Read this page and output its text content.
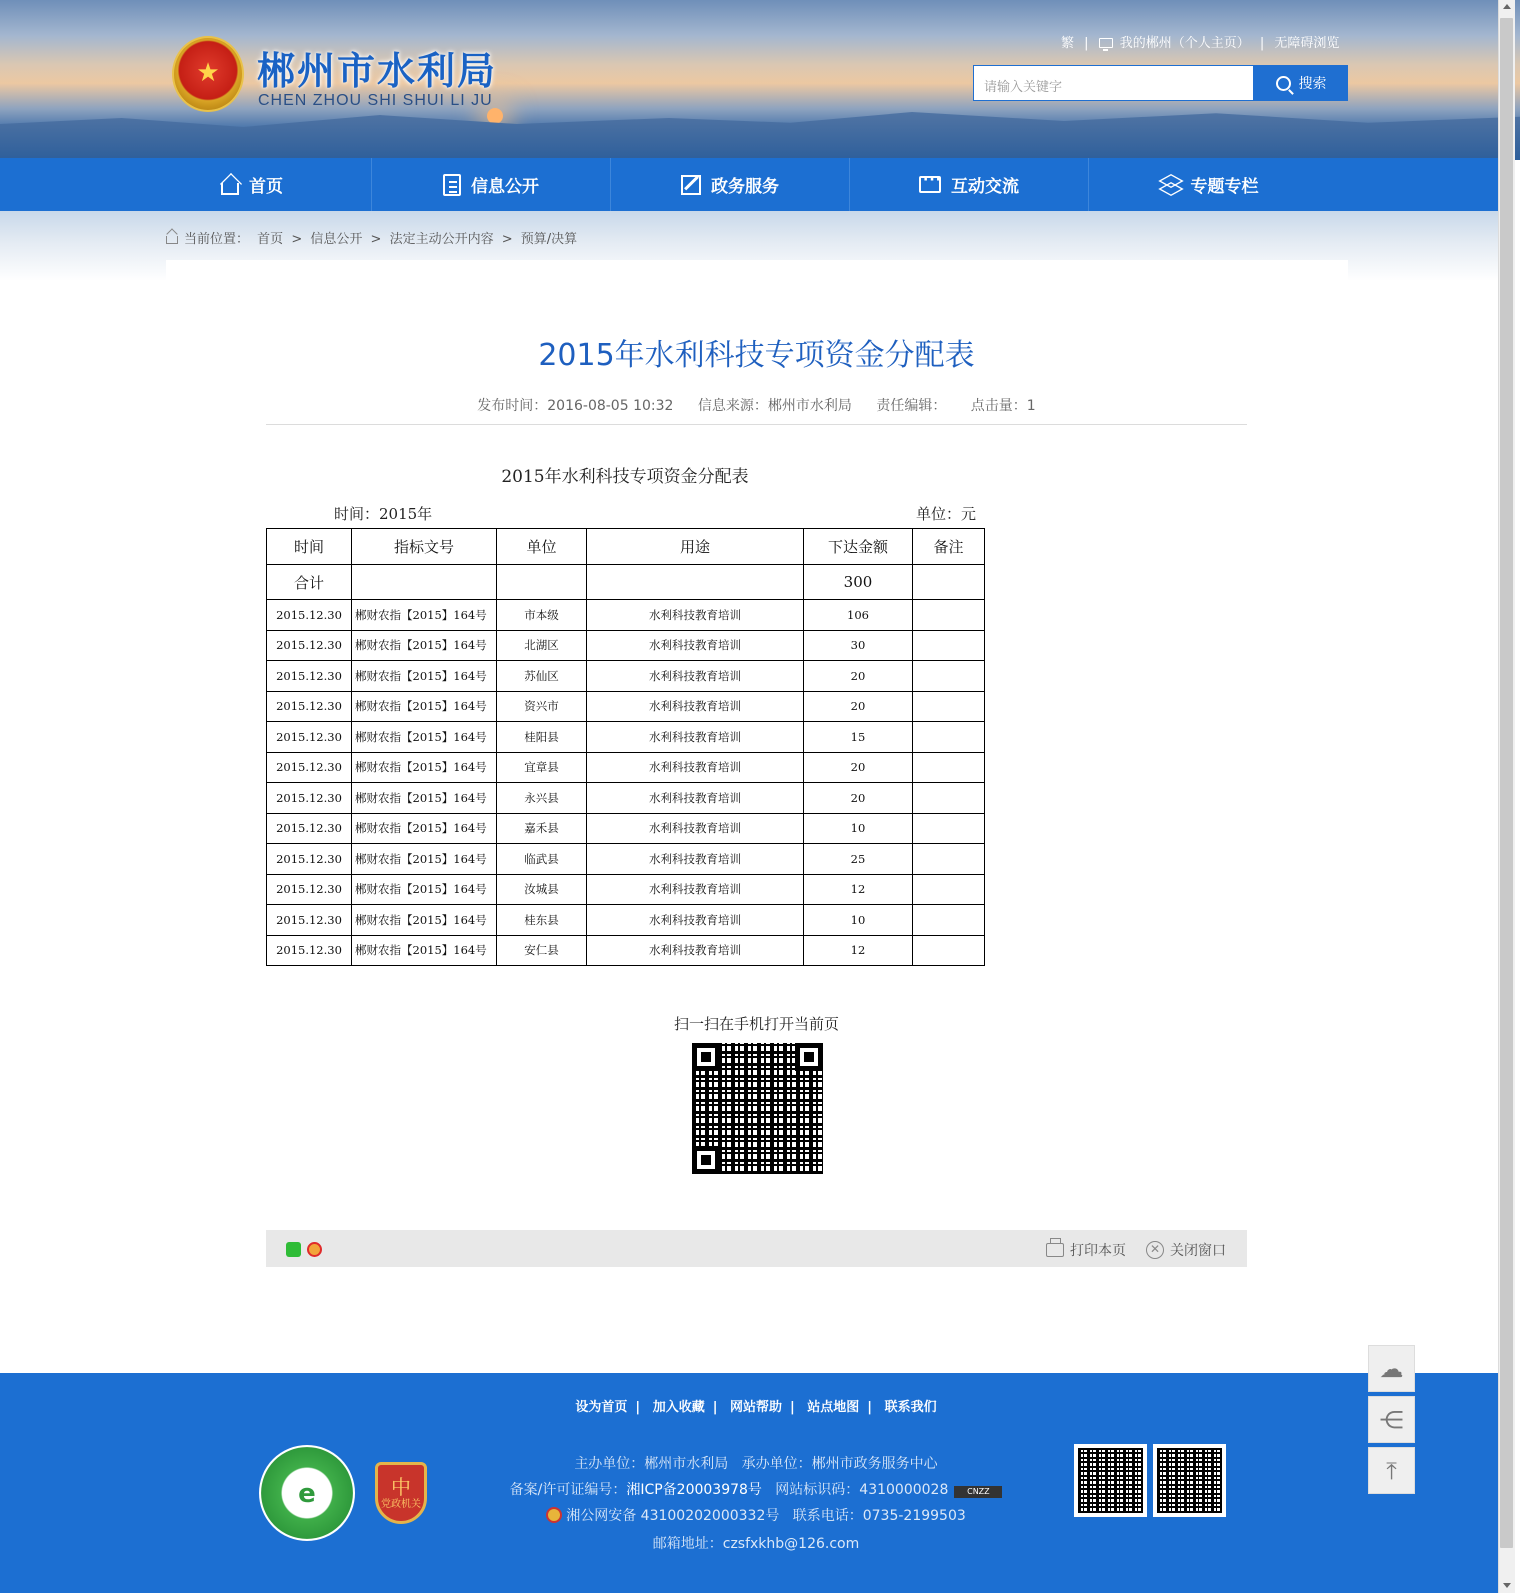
★ 郴州市水利局
CHEN ZHOU SHI SHUI LI JU
繁 | 我的郴州（个人主页） | 无障碍浏览
请输入关键字	搜索
首页	信息公开	政务服务 ···	互动交流	专题专栏
当前位置： 首页 > 信息公开 > 法定主动公开内容 > 预算/决算
2015年水利科技专项资金分配表
发布时间：2016-08-05 10:32 信息来源：郴州市水利局 责任编辑： 点击量：1
2015年水利科技专项资金分配表
时间：2015年	单位：元
时间	指标文号	单位	用途	下达金额	备注
合计				300	
2015.12.30	郴财农指【2015】164号	市本级	水利科技教育培训	106	
2015.12.30	郴财农指【2015】164号	北湖区	水利科技教育培训	30	
2015.12.30	郴财农指【2015】164号	苏仙区	水利科技教育培训	20	
2015.12.30	郴财农指【2015】164号	资兴市	水利科技教育培训	20	
2015.12.30	郴财农指【2015】164号	桂阳县	水利科技教育培训	15	
2015.12.30	郴财农指【2015】164号	宜章县	水利科技教育培训	20	
2015.12.30	郴财农指【2015】164号	永兴县	水利科技教育培训	20	
2015.12.30	郴财农指【2015】164号	嘉禾县	水利科技教育培训	10	
2015.12.30	郴财农指【2015】164号	临武县	水利科技教育培训	25	
2015.12.30	郴财农指【2015】164号	汝城县	水利科技教育培训	12	
2015.12.30	郴财农指【2015】164号	桂东县	水利科技教育培训	10	
2015.12.30	郴财农指【2015】164号	安仁县	水利科技教育培训	12	
扫一扫在手机打开当前页
打印本页	✕ 关闭窗口
设为首页 | 加入收藏 | 网站帮助 | 站点地图 | 联系我们
e	中
党政机关
主办单位：郴州市水利局 承办单位：郴州市政务服务中心
备案/许可证编号：湘ICP备20003978号 网站标识码：4310000028 CNZZ
湘公网安备 43100202000332号 联系电话：0735-2199503
邮箱地址：czsfxkhb@126.com
☁
⋲
⤒
